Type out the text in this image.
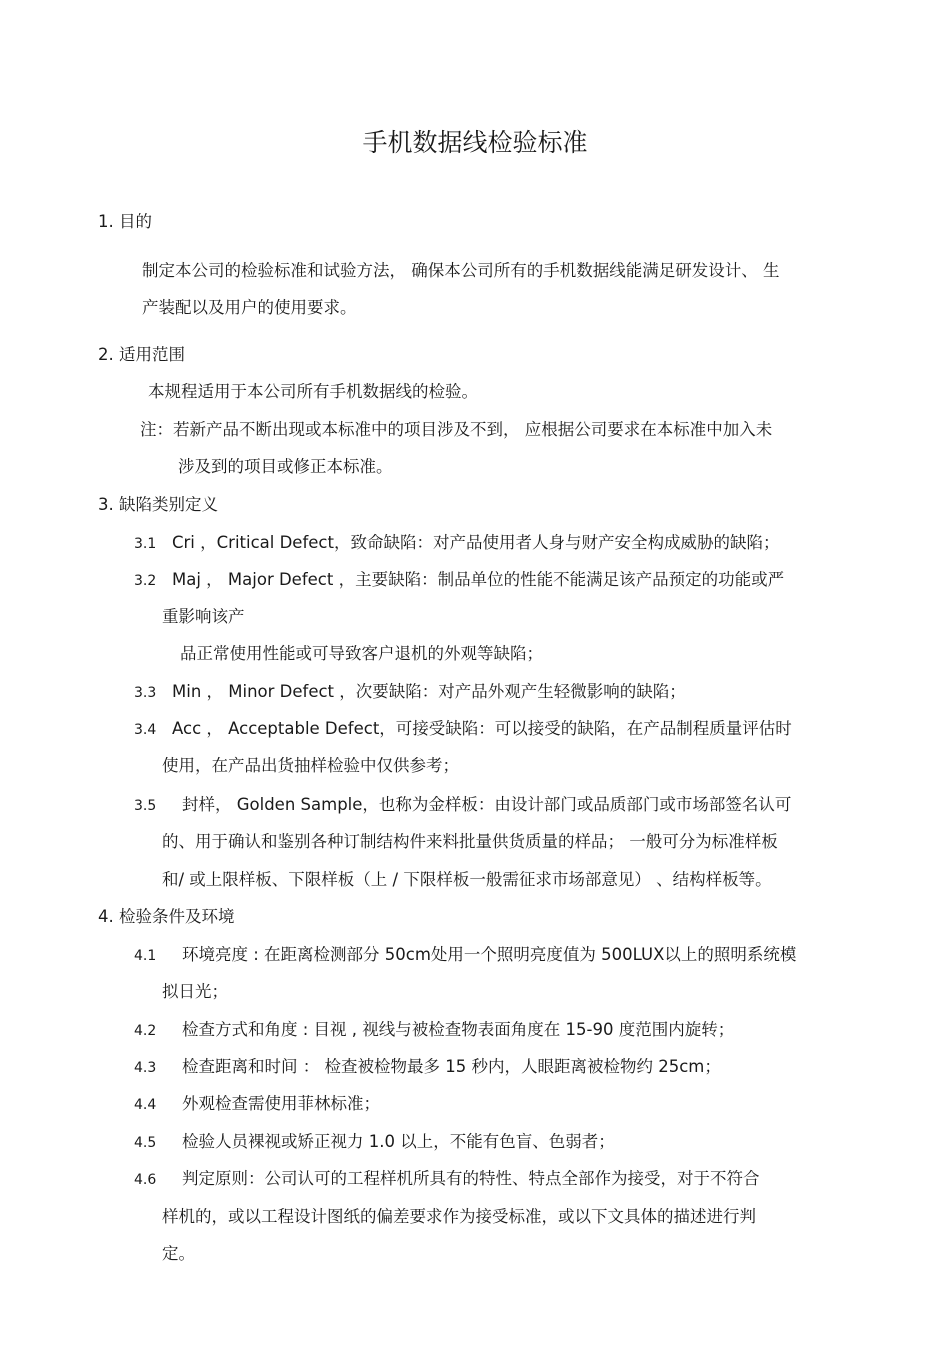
手机数据线检验标准
1. 目的
制定本公司的检验标准和试验方法， 确保本公司所有的手机数据线能满足研发设计、 生
产装配以及用户的使用要求。
2. 适用范围
本规程适用于本公司所有手机数据线的检验。
注：若新产品不断出现或本标准中的项目涉及不到， 应根据公司要求在本标准中加入未
涉及到的项目或修正本标准。
3. 缺陷类别定义
3.1 Cri ，Critical Defect，致命缺陷：对产品使用者人身与财产安全构成威胁的缺陷；
3.2 Maj ， Major Defect ，主要缺陷：制品单位的性能不能满足该产品预定的功能或严
重影响该产
品正常使用性能或可导致客户退机的外观等缺陷；
3.3 Min ， Minor Defect ，次要缺陷：对产品外观产生轻微影响的缺陷；
3.4 Acc ， Acceptable Defect，可接受缺陷：可以接受的缺陷，在产品制程质量评估时
使用，在产品出货抽样检验中仅供参考；
3.5 封样， Golden Sample，也称为金样板：由设计部门或品质部门或市场部签名认可
的、用于确认和鉴别各种订制结构件来料批量供货质量的样品； 一般可分为标准样板
和/ 或上限样板、下限样板（上 / 下限样板一般需征求市场部意见） 、结构样板等。
4. 检验条件及环境
4.1 环境亮度 : 在距离检测部分 50cm处用一个照明亮度值为 500LUX以上的照明系统模
拟日光；
4.2 检查方式和角度 : 目视 , 视线与被检查物表面角度在 15-90 度范围内旋转；
4.3 检查距离和时间 ： 检查被检物最多 15 秒内，人眼距离被检物约 25cm；
4.4 外观检查需使用菲林标准；
4.5 检验人员裸视或矫正视力 1.0 以上，不能有色盲、色弱者；
4.6 判定原则：公司认可的工程样机所具有的特性、特点全部作为接受，对于不符合
样机的，或以工程设计图纸的偏差要求作为接受标准，或以下文具体的描述进行判
定。
